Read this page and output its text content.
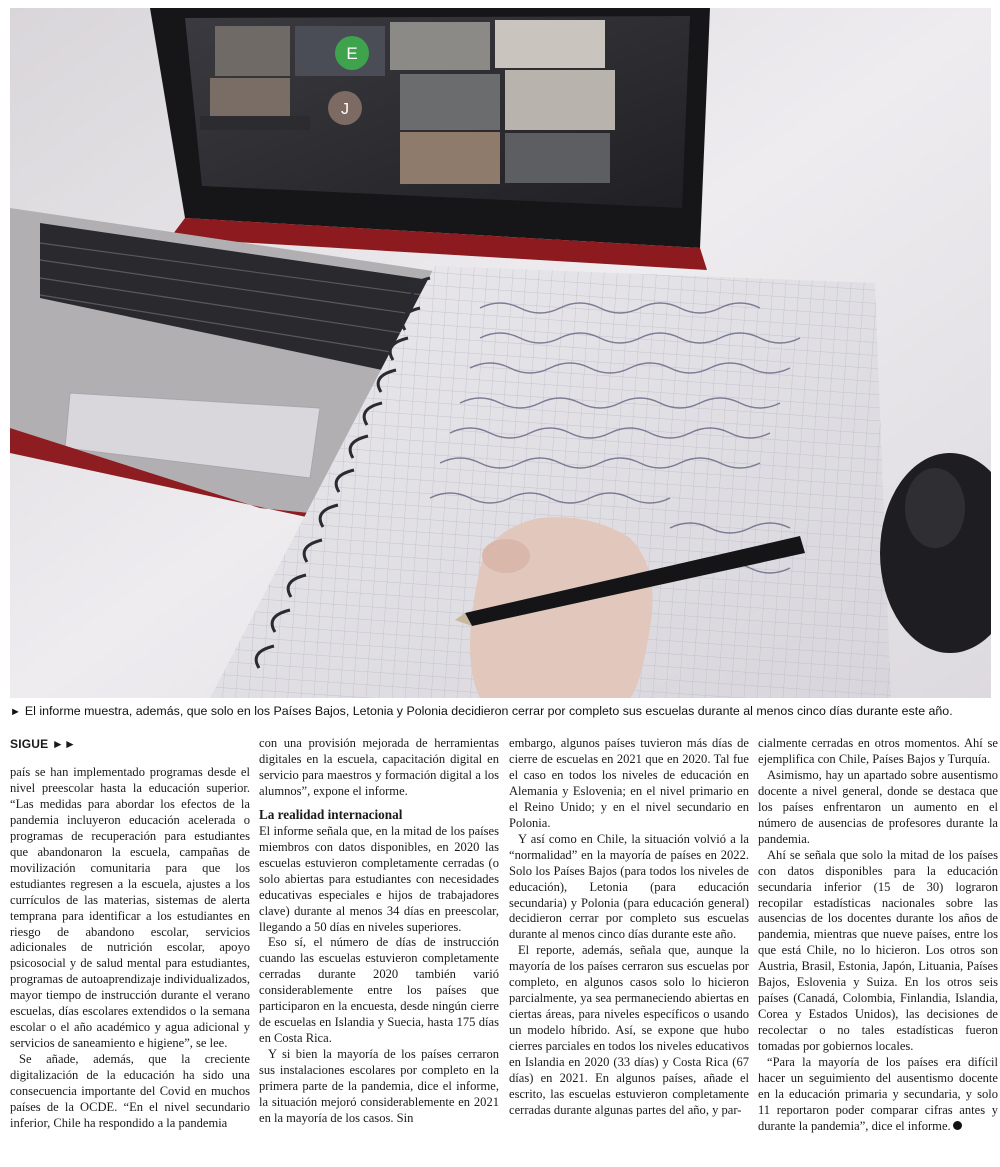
E
J
► El informe muestra, además, que solo en los Países Bajos, Letonia y Polonia decidieron cerrar por completo sus escuelas durante al menos cinco días durante este año.
SIGUE ►►

país se han implementado programas desde el nivel preescolar hasta la educación superior. “Las medidas para abordar los efectos de la pandemia incluyeron educación acelerada o programas de recuperación para estudiantes que abandonaron la escuela, campañas de movilización comunitaria para que los estudiantes regresen a la escuela, ajustes a los currículos de las materias, sistemas de alerta temprana para identificar a los estudiantes en riesgo de abandono escolar, servicios adicionales de nutrición escolar, apoyo psicosocial y de salud mental para estudiantes, programas de autoaprendizaje individualizados, mayor tiempo de instrucción durante el verano escuelas, días escolares extendidos o la semana escolar o el año académico y agua adicional y servicios de saneamiento e higiene”, se lee.

Se añade, además, que la creciente digitalización de la educación ha sido una consecuencia importante del Covid en muchos países de la OCDE. “En el nivel secundario inferior, Chile ha respondido a la pandemia

con una provisión mejorada de herramientas digitales en la escuela, capacitación digital en servicio para maestros y formación digital a los alumnos”, expone el informe.

La realidad internacional

El informe señala que, en la mitad de los países miembros con datos disponibles, en 2020 las escuelas estuvieron completamente cerradas (o solo abiertas para estudiantes con necesidades educativas especiales e hijos de trabajadores clave) durante al menos 34 días en preescolar, llegando a 50 días en niveles superiores.

Eso sí, el número de días de instrucción cuando las escuelas estuvieron completamente cerradas durante 2020 también varió considerablemente entre los países que participaron en la encuesta, desde ningún cierre de escuelas en Islandia y Suecia, hasta 175 días en Costa Rica.

Y si bien la mayoría de los países cerraron sus instalaciones escolares por completo en la primera parte de la pandemia, dice el informe, la situación mejoró considerablemente en 2021 en la mayoría de los casos. Sin

embargo, algunos países tuvieron más días de cierre de escuelas en 2021 que en 2020. Tal fue el caso en todos los niveles de educación en Alemania y Eslovenia; en el nivel primario en el Reino Unido; y en el nivel secundario en Polonia.

Y así como en Chile, la situación volvió a la “normalidad” en la mayoría de países en 2022. Solo los Países Bajos (para todos los niveles de educación), Letonia (para educación secundaria) y Polonia (para educación general) decidieron cerrar por completo sus escuelas durante al menos cinco días durante este año.

El reporte, además, señala que, aunque la mayoría de los países cerraron sus escuelas por completo, en algunos casos solo lo hicieron parcialmente, ya sea permaneciendo abiertas en ciertas áreas, para niveles específicos o usando un modelo híbrido. Así, se expone que hubo cierres parciales en todos los niveles educativos en Islandia en 2020 (33 días) y Costa Rica (67 días) en 2021. En algunos países, añade el escrito, las escuelas estuvieron completamente cerradas durante algunas partes del año, y par-

cialmente cerradas en otros momentos. Ahí se ejemplifica con Chile, Países Bajos y Turquía.

Asimismo, hay un apartado sobre ausentismo docente a nivel general, donde se destaca que los países enfrentaron un aumento en el número de ausencias de profesores durante la pandemia.

Ahí se señala que solo la mitad de los países con datos disponibles para la educación secundaria inferior (15 de 30) lograron recopilar estadísticas nacionales sobre las ausencias de los docentes durante los años de pandemia, mientras que nueve países, entre los que está Chile, no lo hicieron. Los otros son Austria, Brasil, Estonia, Japón, Lituania, Países Bajos, Eslovenia y Suiza. En los otros seis países (Canadá, Colombia, Finlandia, Islandia, Corea y Estados Unidos), las decisiones de recolectar o no tales estadísticas fueron tomadas por gobiernos locales.

“Para la mayoría de los países era difícil hacer un seguimiento del ausentismo docente en la educación primaria y secundaria, y solo 11 reportaron poder comparar cifras antes y durante la pandemia”, dice el informe.
